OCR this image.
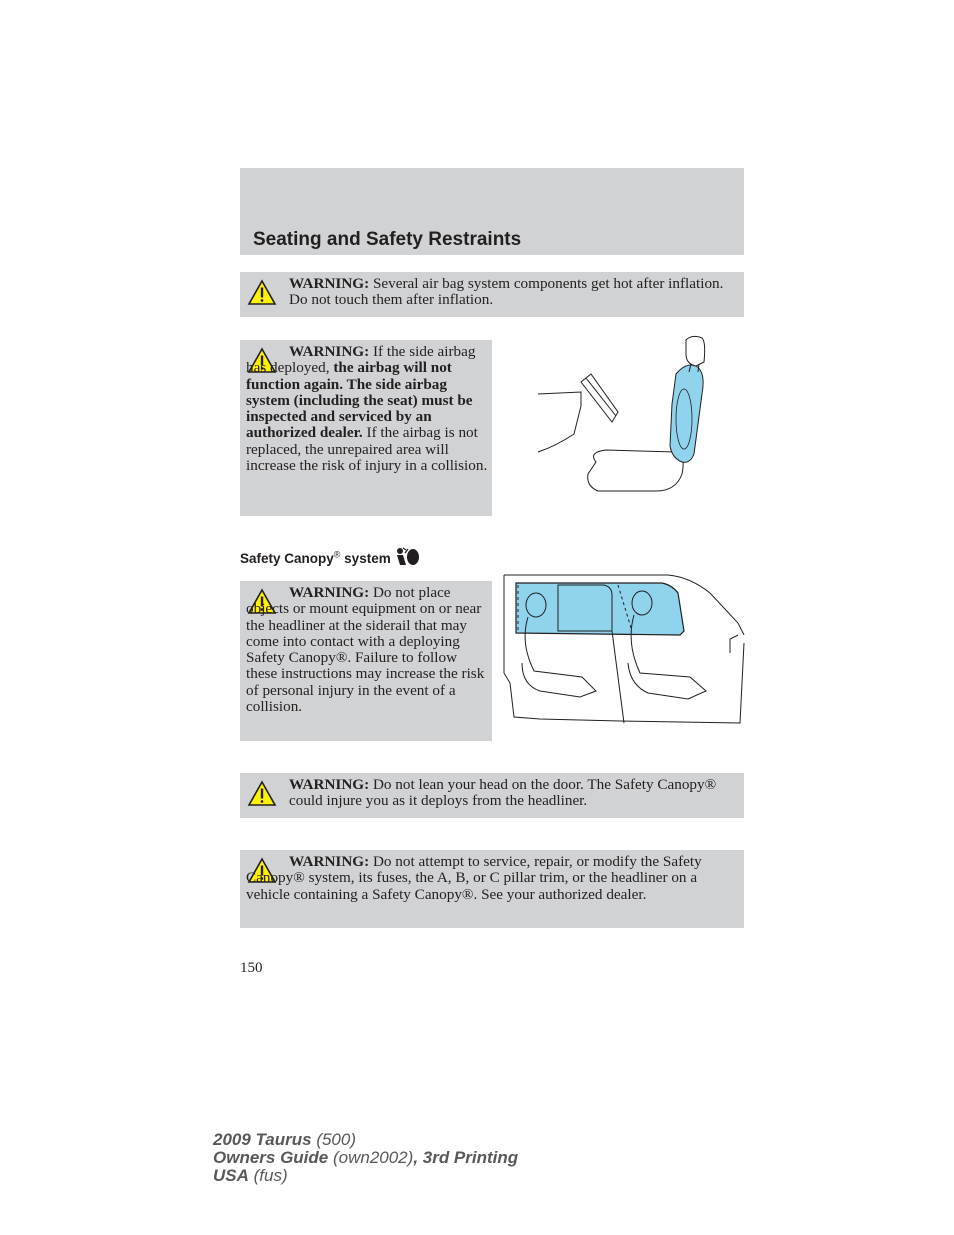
Seating and Safety Restraints
WARNING: Several air bag system components get hot after inflation. Do not touch them after inflation.
WARNING: If the side airbag has deployed, the airbag will not function again. The side airbag system (including the seat) must be inspected and serviced by an authorized dealer. If the airbag is not replaced, the unrepaired area will increase the risk of injury in a collision.
Safety Canopy® system
WARNING: Do not place objects or mount equipment on or near the headliner at the siderail that may come into contact with a deploying Safety Canopy®. Failure to follow these instructions may increase the risk of personal injury in the event of a collision.
WARNING: Do not lean your head on the door. The Safety Canopy® could injure you as it deploys from the headliner.
WARNING: Do not attempt to service, repair, or modify the Safety Canopy® system, its fuses, the A, B, or C pillar trim, or the headliner on a vehicle containing a Safety Canopy®. See your authorized dealer.
150
2009 Taurus (500)
Owners Guide (own2002), 3rd Printing
USA (fus)
